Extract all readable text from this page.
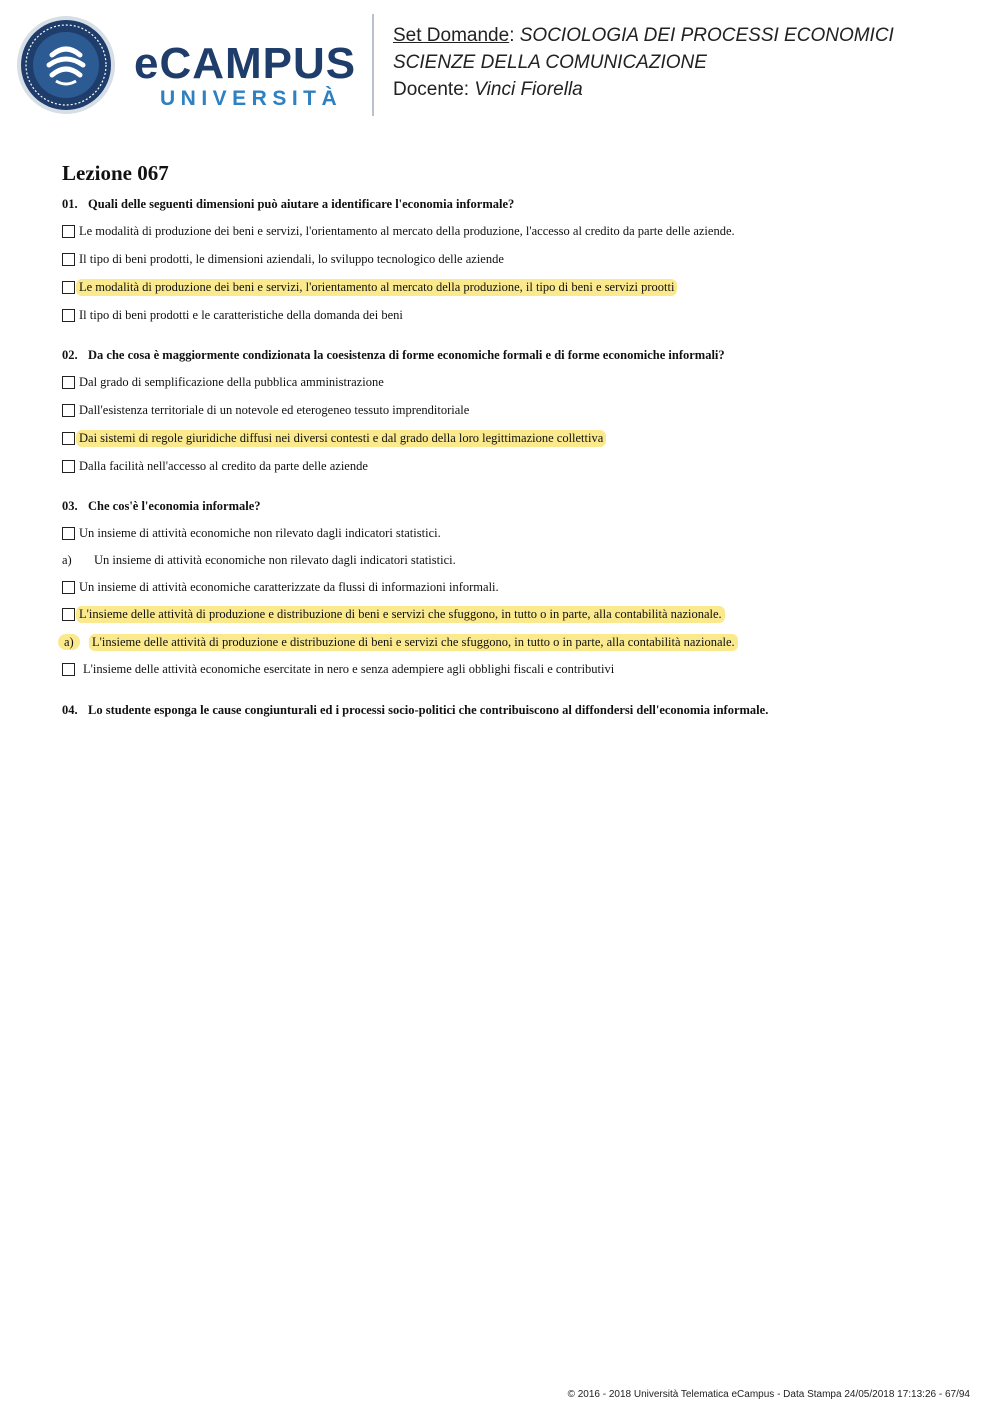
eCAMPUS
UNIVERSITÀ
Set Domande: SOCIOLOGIA DEI PROCESSI ECONOMICI
SCIENZE DELLA COMUNICAZIONE
Docente: Vinci Fiorella
Lezione 067
01. Quali delle seguenti dimensioni può aiutare a identificare l'economia informale?
Le modalità di produzione dei beni e servizi, l'orientamento al mercato della produzione, l'accesso al credito da parte delle aziende.
Il tipo di beni prodotti, le dimensioni aziendali, lo sviluppo tecnologico delle aziende
Le modalità di produzione dei beni e servizi, l'orientamento al mercato della produzione, il tipo di beni e servizi prootti
Il tipo di beni prodotti e le caratteristiche della domanda dei beni
02. Da che cosa è maggiormente condizionata la coesistenza di forme economiche formali e di forme economiche informali?
Dal grado di semplificazione della pubblica amministrazione
Dall'esistenza territoriale di un notevole ed eterogeneo tessuto imprenditoriale
Dai sistemi di regole giuridiche diffusi nei diversi contesti e dal grado della loro legittimazione collettiva
Dalla facilità nell'accesso al credito da parte delle aziende
03. Che cos'è l'economia informale?
Un insieme di attività economiche non rilevato dagli indicatori statistici.
a)	Un insieme di attività economiche non rilevato dagli indicatori statistici.
Un insieme di attività economiche caratterizzate da flussi di informazioni informali.
L'insieme delle attività di produzione e distribuzione di beni e servizi che sfuggono, in tutto o in parte, alla contabilità nazionale.
a)	L'insieme delle attività di produzione e distribuzione di beni e servizi che sfuggono, in tutto o in parte, alla contabilità nazionale.
L'insieme delle attività economiche esercitate in nero e senza adempiere agli obblighi fiscali e contributivi
04. Lo studente esponga le cause congiunturali ed i processi socio-politici che contribuiscono al diffondersi dell'economia informale.
© 2016 - 2018 Università Telematica eCampus - Data Stampa 24/05/2018 17:13:26 - 67/94
